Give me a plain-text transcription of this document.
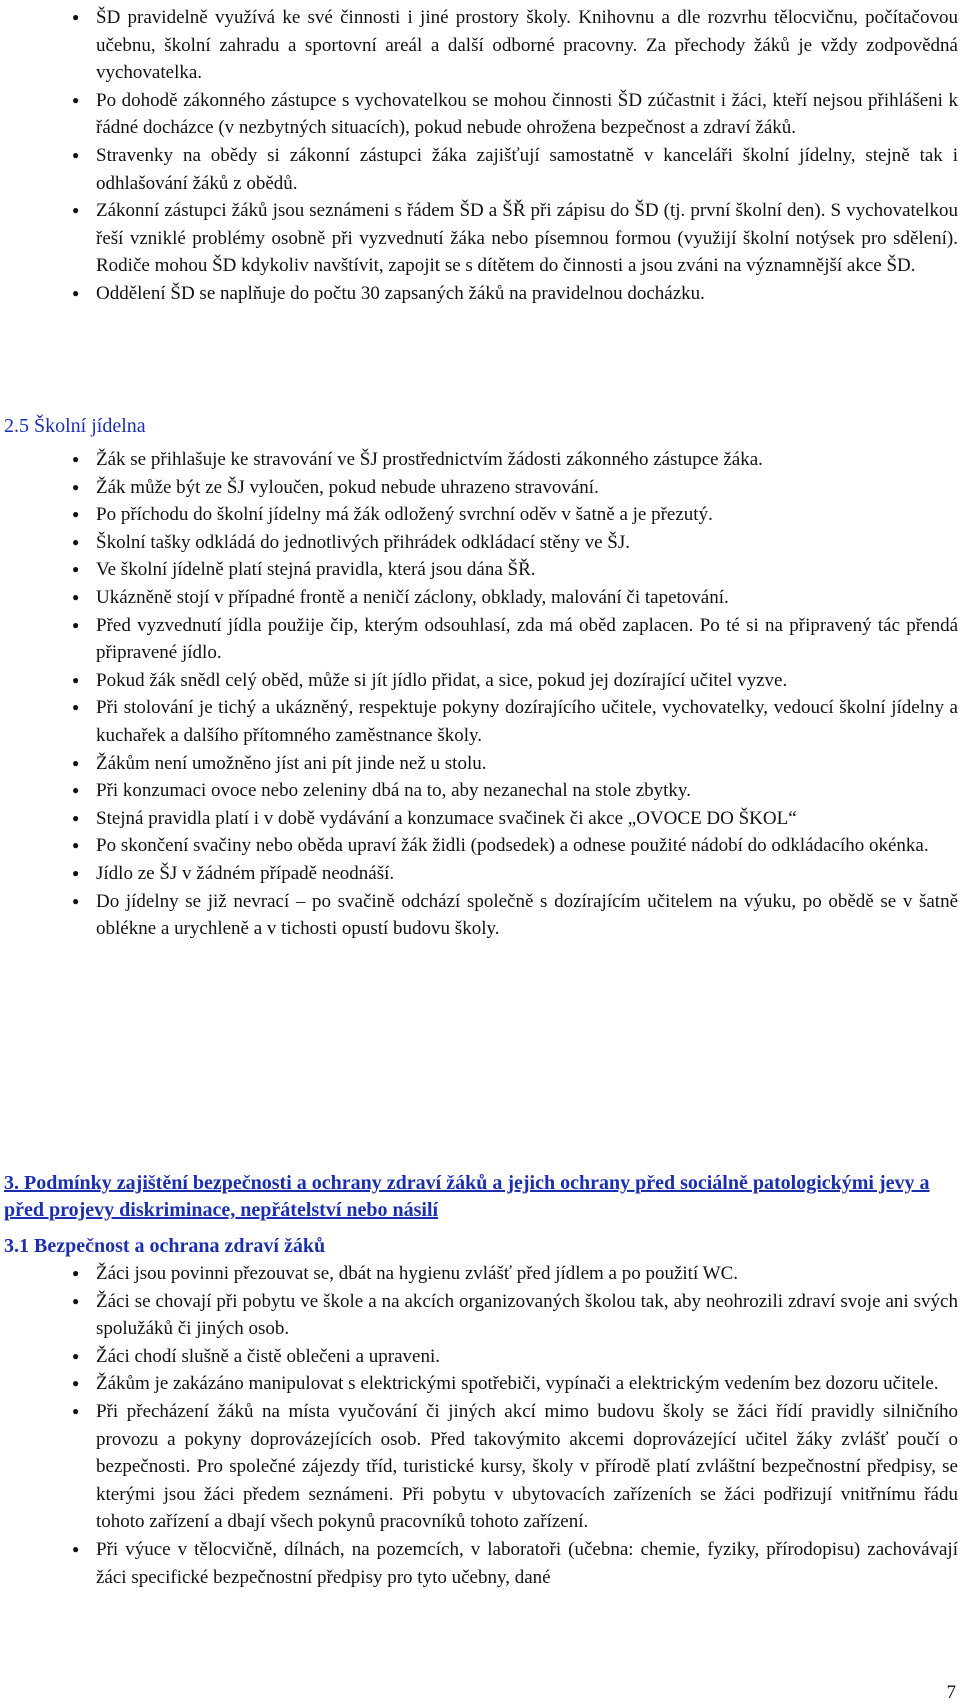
● ŠD pravidelně využívá ke své činnosti i jiné prostory školy. Knihovnu a dle rozvrhu tělocvičnu, počítačovou učebnu, školní zahradu a sportovní areál a další odborné pracovny. Za přechody žáků je vždy zodpovědná vychovatelka.
● Po dohodě zákonného zástupce s vychovatelkou se mohou činnosti ŠD zúčastnit i žáci, kteří nejsou přihlášeni k řádné docházce (v nezbytných situacích), pokud nebude ohrožena bezpečnost a zdraví žáků.
● Stravenky na obědy si zákonní zástupci žáka zajišťují samostatně v kanceláři školní jídelny, stejně tak i odhlašování žáků z obědů.
● Zákonní zástupci žáků jsou seznámeni s řádem ŠD a ŠŘ při zápisu do ŠD (tj. první školní den). S vychovatelkou řeší vzniklé problémy osobně při vyzvednutí žáka nebo písemnou formou (využijí školní notýsek pro sdělení). Rodiče mohou ŠD kdykoliv navštívit, zapojit se s dítětem do činnosti a jsou zváni na významnější akce ŠD.
● Oddělení ŠD se naplňuje do počtu 30 zapsaných žáků na pravidelnou docházku.
2.5 Školní jídelna
● Žák se přihlašuje ke stravování ve ŠJ prostřednictvím žádosti zákonného zástupce žáka.
● Žák může být ze ŠJ vyloučen, pokud nebude uhrazeno stravování.
● Po příchodu do školní jídelny má žák odložený svrchní oděv v šatně a je přezutý.
● Školní tašky odkládá do jednotlivých přihrádek odkládací stěny ve ŠJ.
● Ve školní jídelně platí stejná pravidla, která jsou dána ŠŘ.
● Ukázněně stojí v případné frontě a neničí záclony, obklady, malování či tapetování.
● Před vyzvednutí jídla použije čip, kterým odsouhlasí, zda má oběd zaplacen. Po té si na připravený tác přendá připravené jídlo.
● Pokud žák snědl celý oběd, může si jít jídlo přidat, a sice, pokud jej dozírající učitel vyzve.
● Při stolování je tichý a ukázněný, respektuje pokyny dozírajícího učitele, vychovatelky, vedoucí školní jídelny a kuchařek a dalšího přítomného zaměstnance školy.
● Žákům není umožněno jíst ani pít jinde než u stolu.
● Při konzumaci ovoce nebo zeleniny dbá na to, aby nezanechal na stole zbytky.
● Stejná pravidla platí i v době vydávání a konzumace svačinek či akce „OVOCE DO ŠKOL“
● Po skončení svačiny nebo oběda upraví žák židli (podsedek) a odnese použité nádobí do odkládacího okénka.
● Jídlo ze ŠJ v žádném případě neodnáší.
● Do jídelny se již nevrací – po svačině odchází společně s dozírajícím učitelem na výuku, po obědě se v šatně oblékne a urychleně a v tichosti opustí budovu školy.
3. Podmínky zajištění bezpečnosti a ochrany zdraví žáků a jejich ochrany před sociálně patologickými jevy a před projevy diskriminace, nepřátelství nebo násilí
3.1 Bezpečnost a ochrana zdraví žáků
● Žáci jsou povinni přezouvat se, dbát na hygienu zvlášť před jídlem a po použití WC.
● Žáci se chovají při pobytu ve škole a na akcích organizovaných školou tak, aby neohrozili zdraví svoje ani svých spolužáků či jiných osob.
● Žáci chodí slušně a čistě oblečeni a upraveni.
● Žákům je zakázáno manipulovat s elektrickými spotřebiči, vypínači a elektrickým vedením bez dozoru učitele.
● Při přecházení žáků na místa vyučování či jiných akcí mimo budovu školy se žáci řídí pravidly silničního provozu a pokyny doprovázejících osob. Před takovýmito akcemi doprovázející učitel žáky zvlášť poučí o bezpečnosti. Pro společné zájezdy tříd, turistické kursy, školy v přírodě platí zvláštní bezpečnostní předpisy, se kterými jsou žáci předem seznámeni. Při pobytu v ubytovacích zařízeních se žáci podřizují vnitřnímu řádu tohoto zařízení a dbají všech pokynů pracovníků tohoto zařízení.
● Při výuce v tělocvičně, dílnách, na pozemcích, v laboratoři (učebna: chemie, fyziky, přírodopisu) zachovávají žáci specifické bezpečnostní předpisy pro tyto učebny, dané
7
